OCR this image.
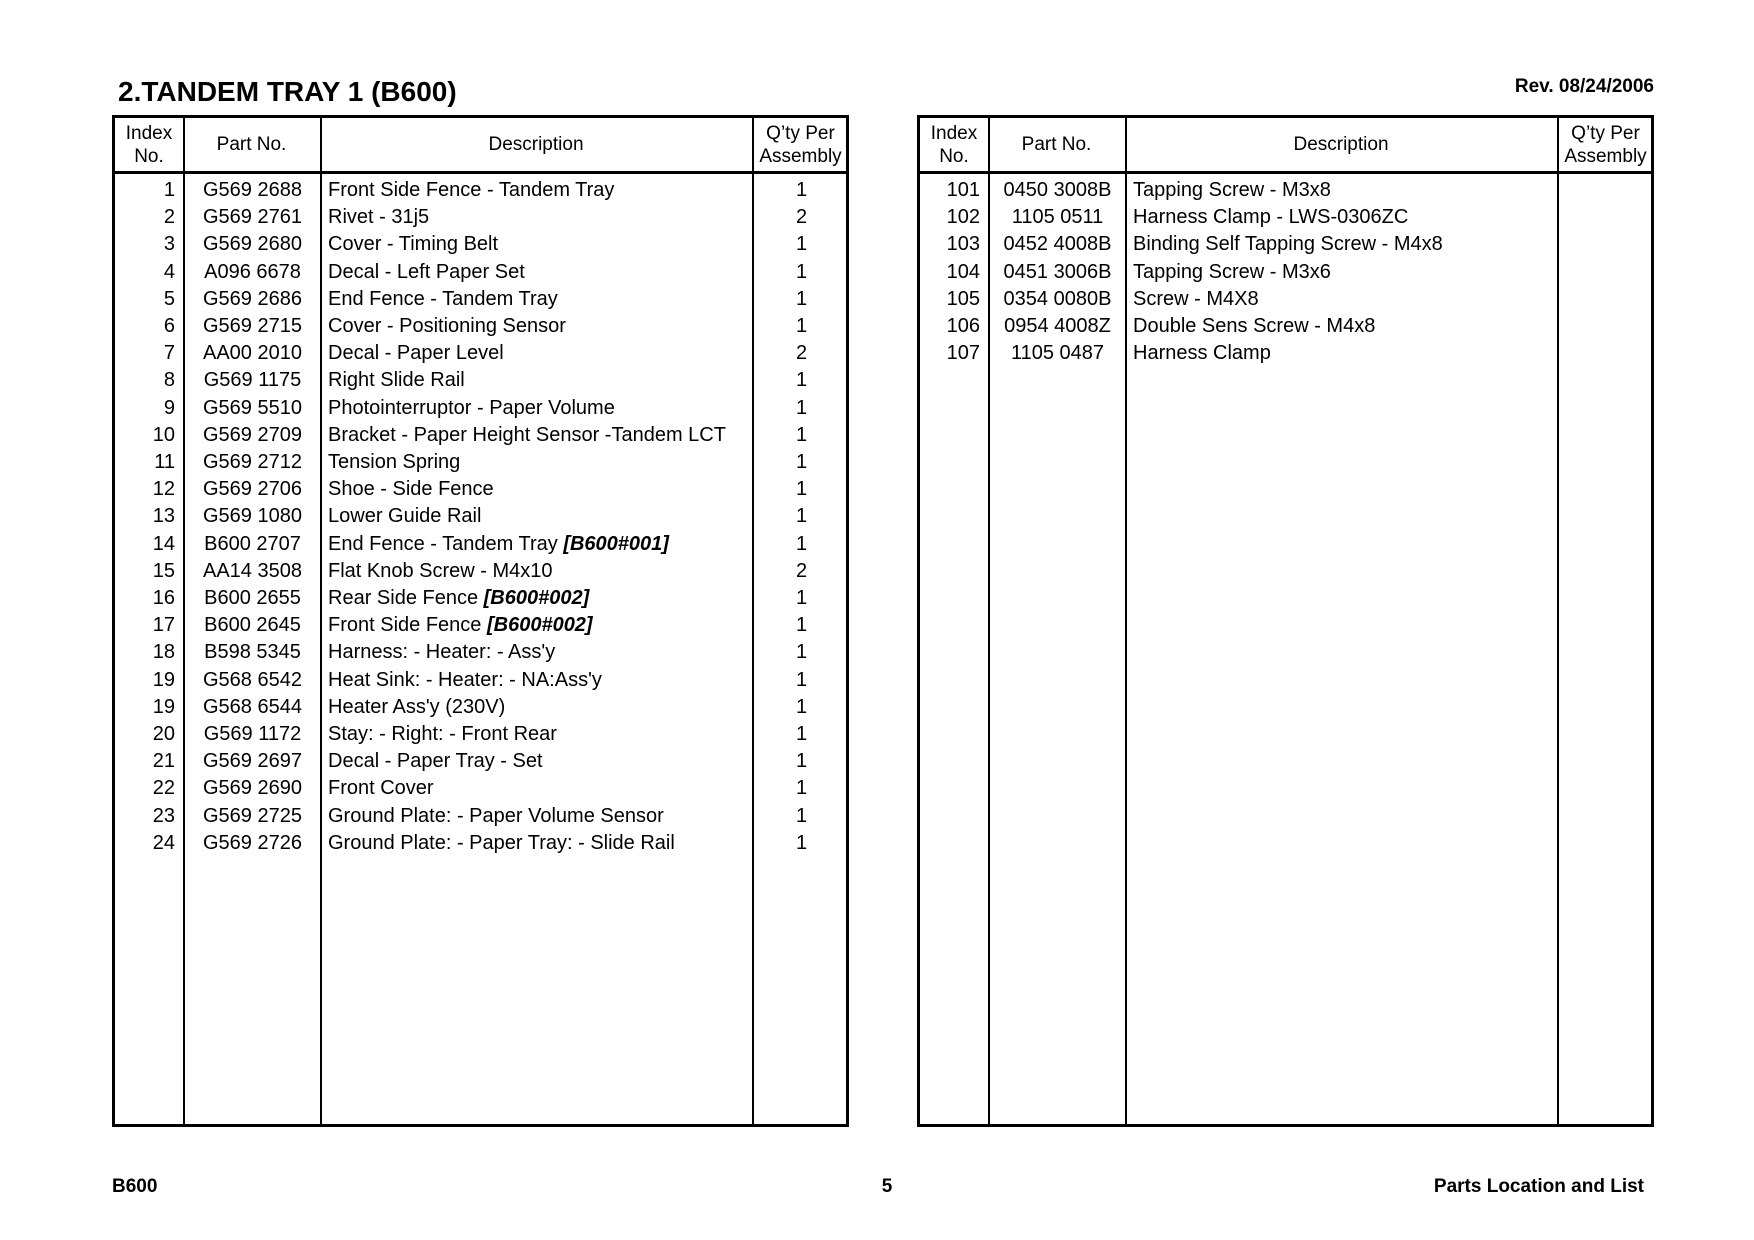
2.TANDEM TRAY 1 (B600)	Rev. 08/24/2006
Index
No.
Part No.	Description
Q’ty Per
Assembly
1	G569 2688	Front Side Fence - Tandem Tray	1
2	G569 2761	Rivet - 31j5	2
3	G569 2680	Cover - Timing Belt	1
4	A096 6678	Decal - Left Paper Set	1
5	G569 2686	End Fence - Tandem Tray	1
6	G569 2715	Cover - Positioning Sensor	1
7	AA00 2010	Decal - Paper Level	2
8	G569 1175	Right Slide Rail	1
9	G569 5510	Photointerruptor - Paper Volume	1
10	G569 2709	Bracket - Paper Height Sensor -Tandem LCT	1
11	G569 2712	Tension Spring	1
12	G569 2706	Shoe - Side Fence	1
13	G569 1080	Lower Guide Rail	1
14	B600 2707	End Fence - Tandem Tray [B600#001]	1
15	AA14 3508	Flat Knob Screw - M4x10	2
16	B600 2655	Rear Side Fence [B600#002]	1
17	B600 2645	Front Side Fence [B600#002]	1
18	B598 5345	Harness: - Heater: - Ass'y	1
19	G568 6542	Heat Sink: - Heater: - NA:Ass'y	1
19	G568 6544	Heater Ass'y (230V)	1
20	G569 1172	Stay: - Right: - Front Rear	1
21	G569 2697	Decal - Paper Tray - Set	1
22	G569 2690	Front Cover	1
23	G569 2725	Ground Plate: - Paper Volume Sensor	1
24	G569 2726	Ground Plate: - Paper Tray: - Slide Rail	1
Index
No.
Part No.	Description
Q’ty Per
Assembly
101	0450 3008B	Tapping Screw - M3x8
102	1105 0511	Harness Clamp - LWS-0306ZC
103	0452 4008B	Binding Self Tapping Screw - M4x8
104	0451 3006B	Tapping Screw - M3x6
105	0354 0080B	Screw - M4X8
106	0954 4008Z	Double Sens Screw - M4x8
107	1105 0487	Harness Clamp
B600	5	Parts Location and List
